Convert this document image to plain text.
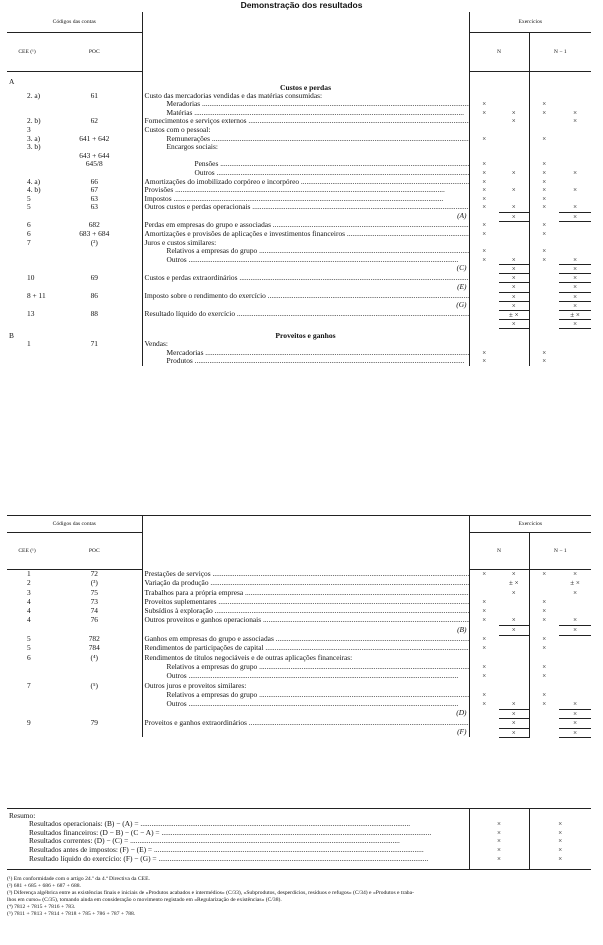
Demonstração dos resultados
Códigos das contas			Exercícios			
CEE (¹)	POC		N		N − 1	
A		Custos e perdas				
2. a)	61	Custo das mercadorias vendidas e das matérias consumidas:				
		Meradorias .....	×		×	
		Matérias .....	×	×	×	×
2. b)	62	Fornecimentos e serviços externos .....		×		×
3		Custos com o pessoal:				
3. a)	641 + 642	Remunerações .....	×		×	
3. b)		Encargos sociais:				
	643 + 644					
	645/8	Pensões .....	×		×	
		Outros .....	×	×	×	×
4. a)	66	Amortizações do imobilizado corpóreo e incorpóreo .....	×		×	
4. b)	67	Provisões .....	×	×	×	×
5	63	Impostos .....	×		×	
5	63	Outros custos e perdas operacionais .....	×	×	×	×
		(A)		×		×
6	682	Perdas em empresas do grupo e associadas .....	×		×	
6	683 + 684	Amortizações e provisões de aplicações e investimentos financeiros .....	×		×	
7	(²)	Juros e custos similares:				
		Relativos a empresas do grupo .....	×		×	
		Outros .....	×	×	×	×
		(C)		×		×
10	69	Custos e perdas extraordinários .....		×		×
		(E)		×		×
8 + 11	86	Imposto sobre o rendimento do exercício .....		×		×
		(G)		×		×
13	88	Resultado líquido do exercício .....		± ×		± ×
				×		×
B		Proveitos e ganhos				
1	71	Vendas:				
		Mercadorias .....	×		×	
		Produtos .....	×		×	
Códigos das contas			Exercícios			
CEE (¹)	POC		N		N − 1	
1	72	Prestações de serviços .....	×	×	×	×
2	(³)	Variação da produção .....		± ×		± ×
3	75	Trabalhos para a própria empresa .....		×		×
4	73	Proveitos suplementares .....	×		×	
4	74	Subsídios à exploração .....	×		×	
4	76	Outros proveitos e ganhos operacionais .....	×	×	×	×
		(B)		×		×
5	782	Ganhos em empresas do grupo e associadas .....	×		×	
5	784	Rendimentos de participações de capital .....	×		×	
6	(⁴)	Rendimentos de títulos negociáveis e de outras aplicações financeiras:				
		Relativos a empresas do grupo .....	×		×	
		Outros .....	×		×	
7	(⁵)	Outros juros e proveitos similares:				
		Relativos a empresas do grupo .....	×		×	
		Outros .....	×	×	×	×
		(D)		×		×
9	79	Proveitos e ganhos extraordinários .....		×		×
		(F)		×		×
Resumo:		
Resultados operacionais: (B) − (A) = .....	×	×
Resultados financeiros: (D − B) − (C − A) = .....	×	×
Resultados correntes: (D) − (C) = .....	×	×
Resultados antes de impostos: (F) − (E) = .....	×	×
Resultado líquido do exercício: (F) − (G) = .....	×	×

(¹) Em conformidade com o artigo 24.º da 4.ª Directiva da CEE.
(²) 681 + 685 + 686 + 687 + 688.
(³) Diferença algébrica entre as existências finais e iniciais de «Produtos acabados e intermédios» (C/33), «Subprodutos, desperdícios, resíduos e refugos» (C/34) e «Produtos e traba-
lhos em curso» (C/35), tomando ainda em consideração o movimento registado em «Regularização de existências» (C/38).
(⁴) 7812 + 7815 + 7816 + 783.
(⁵) 7811 + 7813 + 7814 + 7818 + 785 + 786 + 787 + 788.
